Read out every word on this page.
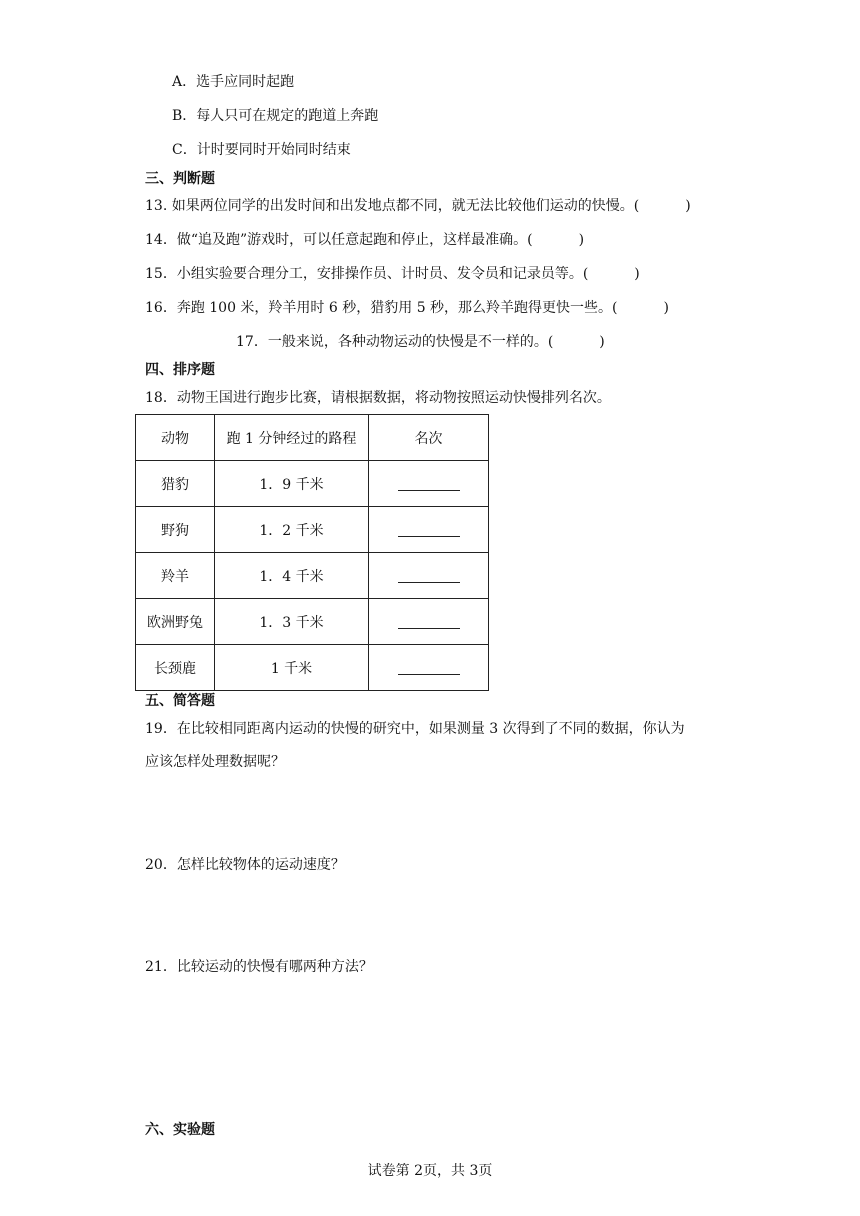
A．选手应同时起跑
B．每人只可在规定的跑道上奔跑
C．计时要同时开始同时结束
三、判断题
13. 如果两位同学的出发时间和出发地点都不同，就无法比较他们运动的快慢。(	)
14．做“追及跑”游戏时，可以任意起跑和停止，这样最准确。(	)
15．小组实验要合理分工，安排操作员、计时员、发令员和记录员等。(	)
16．奔跑 100 米，羚羊用时 6 秒，猎豹用 5 秒，那么羚羊跑得更快一些。(	)
17．一般来说，各种动物运动的快慢是不一样的。(	)
四、排序题
18．动物王国进行跑步比赛，请根据数据，将动物按照运动快慢排列名次。
动物	跑 1 分钟经过的路程	名次
猎豹	1．9 千米	
野狗	1．2 千米	
羚羊	1．4 千米	
欧洲野兔	1．3 千米	
长颈鹿	1 千米	
五、简答题
19．在比较相同距离内运动的快慢的研究中，如果测量 3 次得到了不同的数据，你认为
应该怎样处理数据呢？
20．怎样比较物体的运动速度？
21．比较运动的快慢有哪两种方法？
六、实验题
试卷第 2页，共 3页
